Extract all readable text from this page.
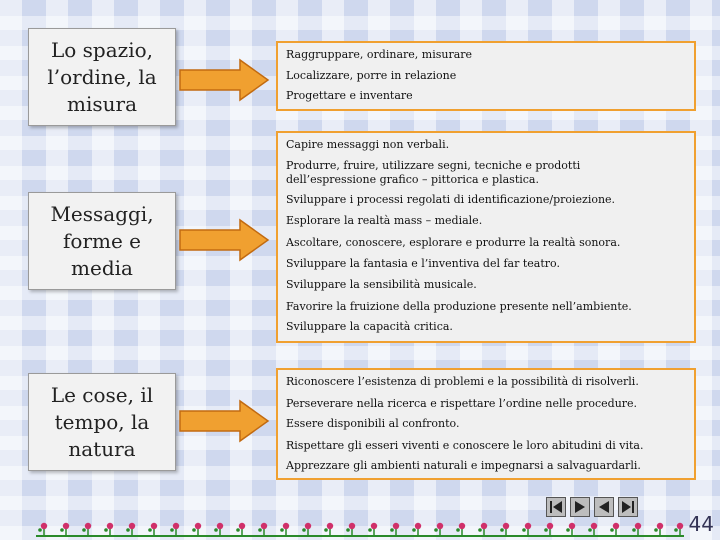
Lo spazio,
l’ordine, la
misura
Raggruppare, ordinare, misurare
Localizzare, porre in relazione
Progettare e inventare
Messaggi,
forme e
media
Capire messaggi non verbali.
Produrre, fruire, utilizzare segni, tecniche e prodotti dell’espressione grafico – pittorica e plastica.
Sviluppare i processi regolati di identificazione/proiezione.
Esplorare la realtà mass – mediale.
Ascoltare, conoscere, esplorare e produrre la realtà sonora.
Sviluppare la fantasia e l’inventiva del far teatro.
Sviluppare la sensibilità musicale.
Favorire la fruizione della produzione presente nell’ambiente.
Sviluppare la capacità critica.
Le cose, il
tempo, la
natura
Riconoscere l’esistenza di problemi e la possibilità di risolverli.
Perseverare nella ricerca e rispettare l’ordine nelle procedure.
Essere disponibili al confronto.
Rispettare gli esseri viventi e conoscere le loro abitudini di vita.
Apprezzare gli ambienti naturali e impegnarsi a salvaguardarli.
44
